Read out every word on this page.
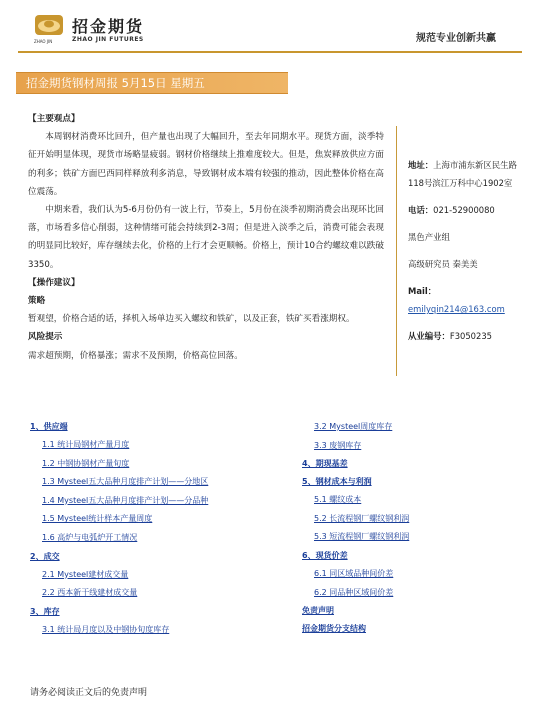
招金期货
ZHAO JIN	ZHAO JIN FUTURES	规范专业创新共赢
招金期货钢材周报 5月15日 星期五

【主要观点】

本周钢材消费环比回升，但产量也出现了大幅回升，至去年同期水平。现货方面，淡季特征开始明显体现，现货市场略显疲弱。钢材价格继续上推难度较大。但是，焦炭释放供应方面的利多；铁矿方面巴西同样释放利多消息，导致钢材成本端有较强的推动，因此整体价格在高位震荡。

中期来看，我们认为5-6月份仍有一波上行，节奏上，5月份在淡季初期消费会出现环比回落，市场看多信心削弱，这种情绪可能会持续到2-3周；但是进入淡季之后，消费可能会表现的明显同比较好，库存继续去化，价格的上行才会更顺畅。价格上，预计10合约螺纹难以跌破3350。

【操作建议】

策略

暂观望，价格合适的话，择机入场单边买入螺纹和铁矿，以及正套，铁矿买看涨期权。

风险提示

需求超预期，价格暴涨；需求不及预期，价格高位回落。

地址：上海市浦东新区民生路118号滨江万科中心1902室
电话：021-52900080
黑色产业组
高级研究员 秦美美
Mail：
emilyqin214@163.com
从业编号：F3050235
1、供应端
1.1 统计局钢材产量月度
1.2 中钢协钢材产量旬度
1.3 Mysteel五大品种月度排产计划——分地区
1.4 Mysteel五大品种月度排产计划——分品种
1.5 Mysteel统计样本产量周度
1.6 高炉与电弧炉开工情况
2、成交
2.1 Mysteel建材成交量
2.2 西本新干线建材成交量
3、库存
3.1 统计局月度以及中钢协旬度库存
3.2 Mysteel周度库存
3.3 废钢库存
4、期现基差
5、钢材成本与利润
5.1 螺纹成本
5.2 长流程钢厂螺纹钢利润
5.3 短流程钢厂螺纹钢利润
6、现货价差
6.1 同区域品种间价差
6.2 同品种区域间价差
免责声明
招金期货分支结构
请务必阅读正文后的免责声明
